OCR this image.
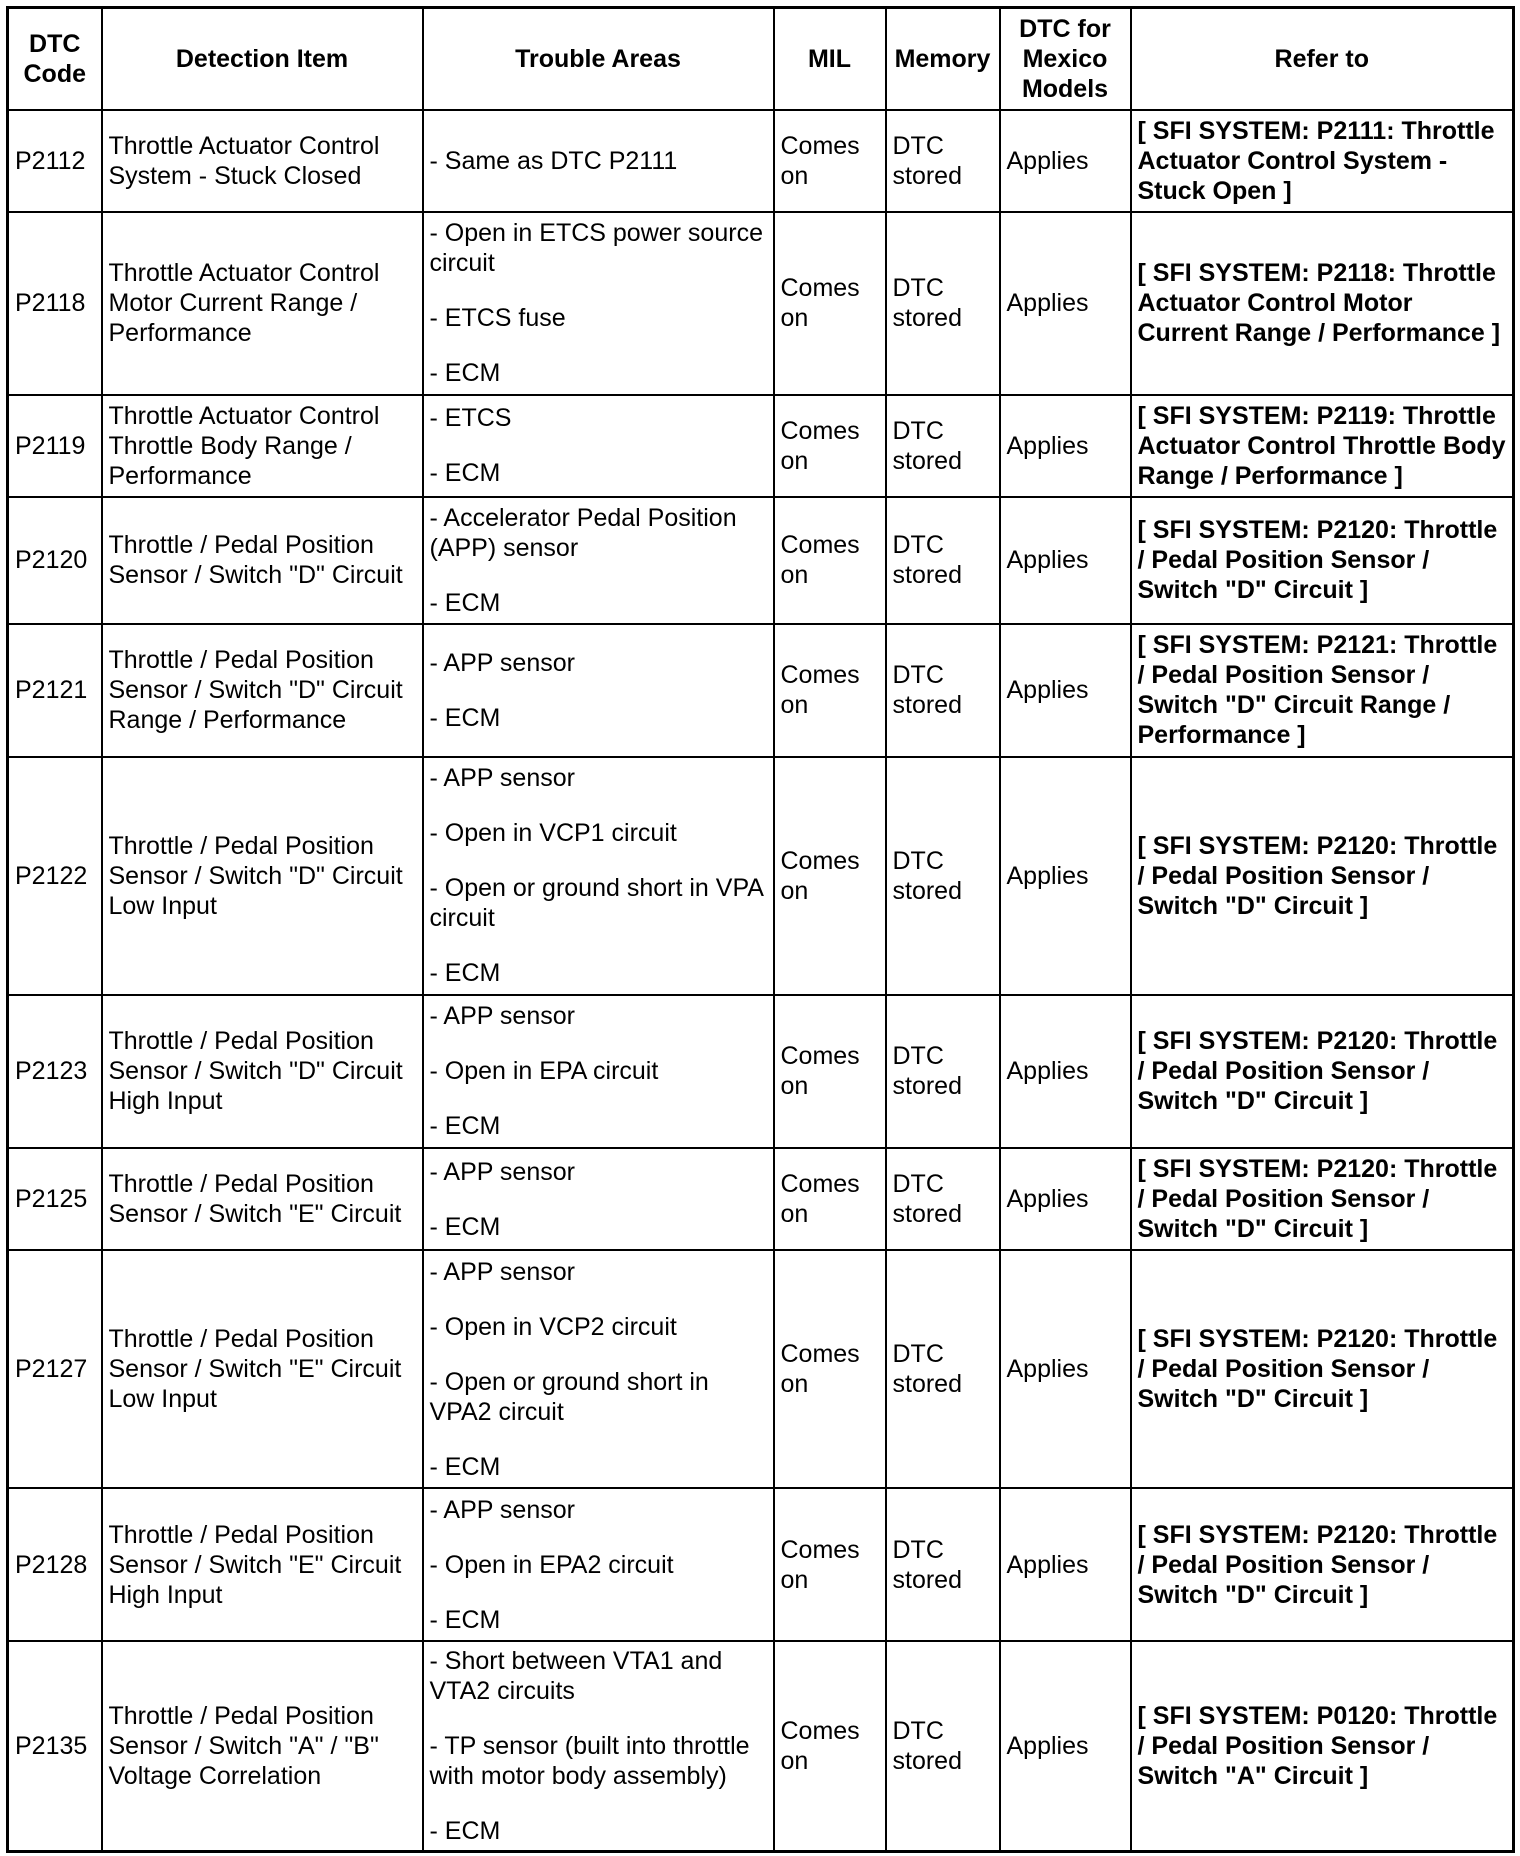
DTC Code	Detection Item	Trouble Areas	MIL	Memory	DTC for Mexico Models	Refer to
P2112	Throttle Actuator Control System - Stuck Closed	- Same as DTC P2111	Comes on	DTC stored	Applies	[ SFI SYSTEM: P2111: Throttle Actuator Control System - Stuck Open ]
P2118	Throttle Actuator Control Motor Current Range / Performance	- Open in ETCS power source circuit
- ETCS fuse
- ECM	Comes on	DTC stored	Applies	[ SFI SYSTEM: P2118: Throttle Actuator Control Motor Current Range / Performance ]
P2119	Throttle Actuator Control Throttle Body Range / Performance	- ETCS
- ECM	Comes on	DTC stored	Applies	[ SFI SYSTEM: P2119: Throttle Actuator Control Throttle Body Range / Performance ]
P2120	Throttle / Pedal Position Sensor / Switch "D" Circuit	- Accelerator Pedal Position (APP) sensor
- ECM	Comes on	DTC stored	Applies	[ SFI SYSTEM: P2120: Throttle / Pedal Position Sensor / Switch "D" Circuit ]
P2121	Throttle / Pedal Position Sensor / Switch "D" Circuit Range / Performance	- APP sensor
- ECM	Comes on	DTC stored	Applies	[ SFI SYSTEM: P2121: Throttle / Pedal Position Sensor / Switch "D" Circuit Range / Performance ]
P2122	Throttle / Pedal Position Sensor / Switch "D" Circuit Low Input	- APP sensor
- Open in VCP1 circuit
- Open or ground short in VPA circuit
- ECM	Comes on	DTC stored	Applies	[ SFI SYSTEM: P2120: Throttle / Pedal Position Sensor / Switch "D" Circuit ]
P2123	Throttle / Pedal Position Sensor / Switch "D" Circuit High Input	- APP sensor
- Open in EPA circuit
- ECM	Comes on	DTC stored	Applies	[ SFI SYSTEM: P2120: Throttle / Pedal Position Sensor / Switch "D" Circuit ]
P2125	Throttle / Pedal Position Sensor / Switch "E" Circuit	- APP sensor
- ECM	Comes on	DTC stored	Applies	[ SFI SYSTEM: P2120: Throttle / Pedal Position Sensor / Switch "D" Circuit ]
P2127	Throttle / Pedal Position Sensor / Switch "E" Circuit Low Input	- APP sensor
- Open in VCP2 circuit
- Open or ground short in VPA2 circuit
- ECM	Comes on	DTC stored	Applies	[ SFI SYSTEM: P2120: Throttle / Pedal Position Sensor / Switch "D" Circuit ]
P2128	Throttle / Pedal Position Sensor / Switch "E" Circuit High Input	- APP sensor
- Open in EPA2 circuit
- ECM	Comes on	DTC stored	Applies	[ SFI SYSTEM: P2120: Throttle / Pedal Position Sensor / Switch "D" Circuit ]
P2135	Throttle / Pedal Position Sensor / Switch "A" / "B" Voltage Correlation	- Short between VTA1 and VTA2 circuits
- TP sensor (built into throttle with motor body assembly)
- ECM	Comes on	DTC stored	Applies	[ SFI SYSTEM: P0120: Throttle / Pedal Position Sensor / Switch "A" Circuit ]
